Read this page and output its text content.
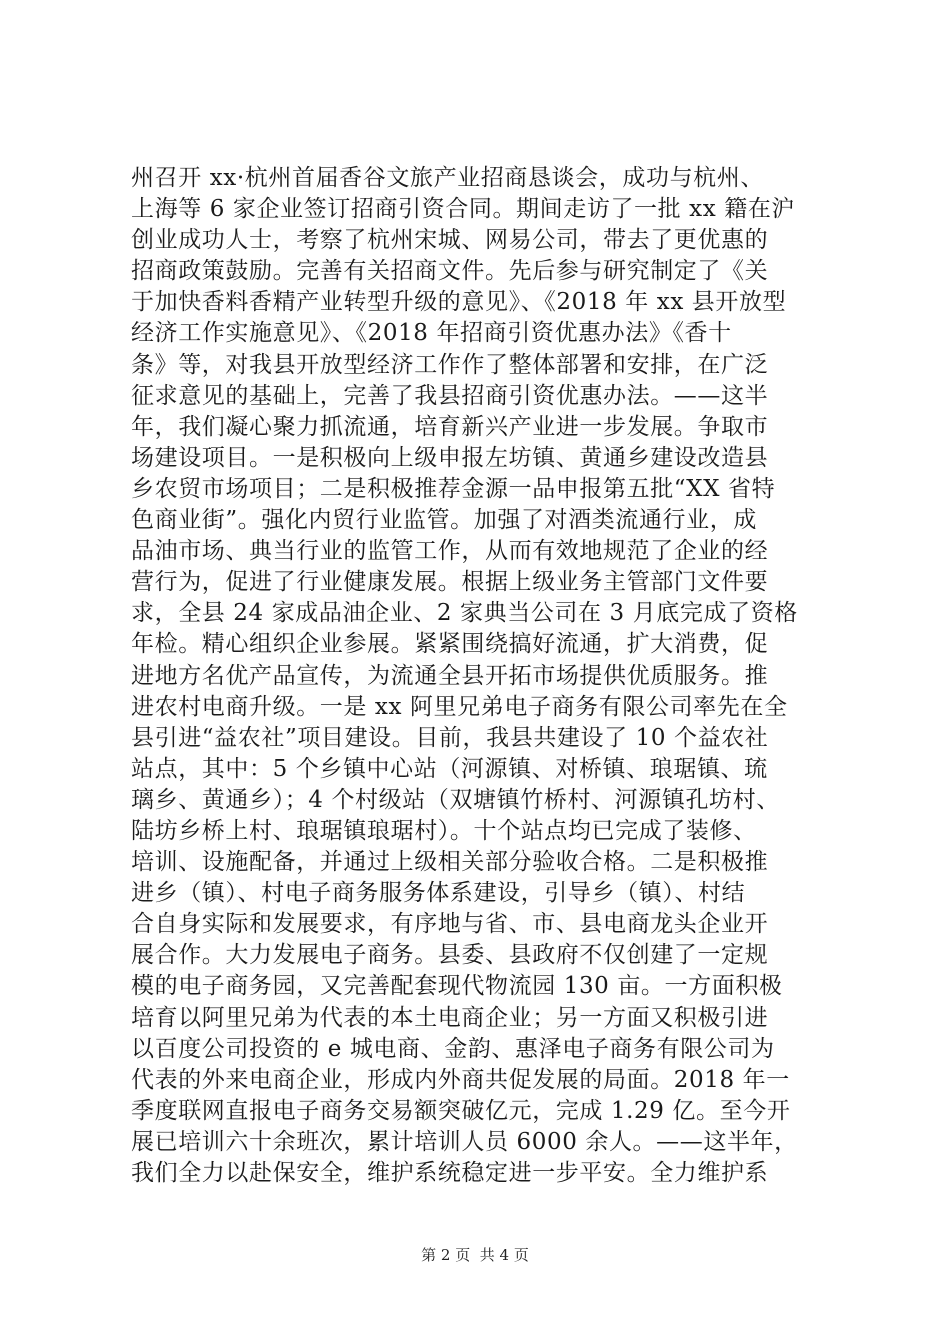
州召开 xx·杭州首届香谷文旅产业招商恳谈会，成功与杭州、
上海等 6 家企业签订招商引资合同。期间走访了一批 xx 籍在沪
创业成功人士，考察了杭州宋城、网易公司，带去了更优惠的
招商政策鼓励。完善有关招商文件。先后参与研究制定了《关
于加快香料香精产业转型升级的意见》、《2018 年 xx 县开放型
经济工作实施意见》、《2018 年招商引资优惠办法》《香十
条》等，对我县开放型经济工作作了整体部署和安排，在广泛
征求意见的基础上，完善了我县招商引资优惠办法。——这半
年，我们凝心聚力抓流通，培育新兴产业进一步发展。争取市
场建设项目。一是积极向上级申报左坊镇、黄通乡建设改造县
乡农贸市场项目；二是积极推荐金源一品申报第五批“XX 省特
色商业街”。强化内贸行业监管。加强了对酒类流通行业，成
品油市场、典当行业的监管工作，从而有效地规范了企业的经
营行为，促进了行业健康发展。根据上级业务主管部门文件要
求，全县 24 家成品油企业、2 家典当公司在 3 月底完成了资格
年检。精心组织企业参展。紧紧围绕搞好流通，扩大消费，促
进地方名优产品宣传，为流通全县开拓市场提供优质服务。推
进农村电商升级。一是 xx 阿里兄弟电子商务有限公司率先在全
县引进“益农社”项目建设。目前，我县共建设了 10 个益农社
站点，其中：5 个乡镇中心站（河源镇、对桥镇、琅琚镇、琉
璃乡、黄通乡）；4 个村级站（双塘镇竹桥村、河源镇孔坊村、
陆坊乡桥上村、琅琚镇琅琚村）。十个站点均已完成了装修、
培训、设施配备，并通过上级相关部分验收合格。二是积极推
进乡（镇）、村电子商务服务体系建设，引导乡（镇）、村结
合自身实际和发展要求，有序地与省、市、县电商龙头企业开
展合作。大力发展电子商务。县委、县政府不仅创建了一定规
模的电子商务园，又完善配套现代物流园 130 亩。一方面积极
培育以阿里兄弟为代表的本土电商企业；另一方面又积极引进
以百度公司投资的 e 城电商、金韵、惠泽电子商务有限公司为
代表的外来电商企业，形成内外商共促发展的局面。2018 年一
季度联网直报电子商务交易额突破亿元，完成 1.29 亿。至今开
展已培训六十余班次，累计培训人员 6000 余人。——这半年，
我们全力以赴保安全，维护系统稳定进一步平安。全力维护系
第 2 页  共 4 页
